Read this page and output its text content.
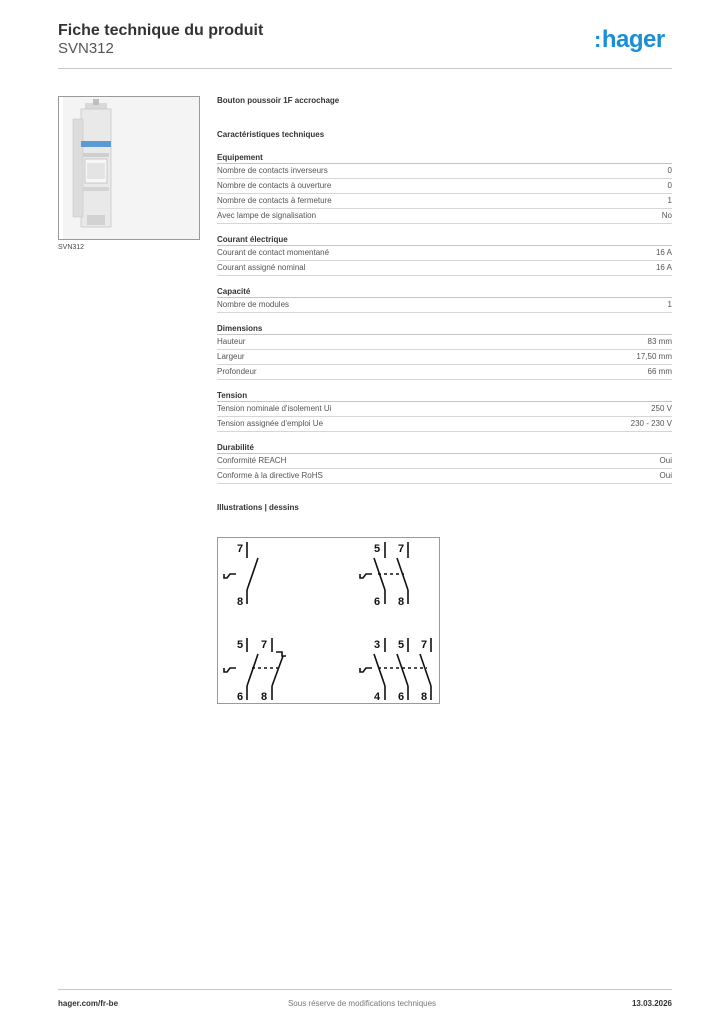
Fiche technique du produit
SVN312	:hager
SVN312
Bouton poussoir 1F accrochage
Caractéristiques techniques
Equipement
Nombre de contacts inverseurs	0
Nombre de contacts à ouverture	0
Nombre de contacts à fermeture	1
Avec lampe de signalisation	No
Courant électrique
Courant de contact momentané	16 A
Courant assigné nominal	16 A
Capacité
Nombre de modules	1
Dimensions
Hauteur	83 mm
Largeur	17,50 mm
Profondeur	66 mm
Tension
Tension nominale d'isolement Ui	250 V
Tension assignée d'emploi Ue	230 - 230 V
Durabilité
Conformité REACH	Oui
Conforme à la directive RoHS	Oui
Illustrations | dessins
7
8
5 7
6 8
5 7
6 8
3 5 7
4 6 8
hager.com/fr-be	Sous réserve de modifications techniques	13.03.2026
